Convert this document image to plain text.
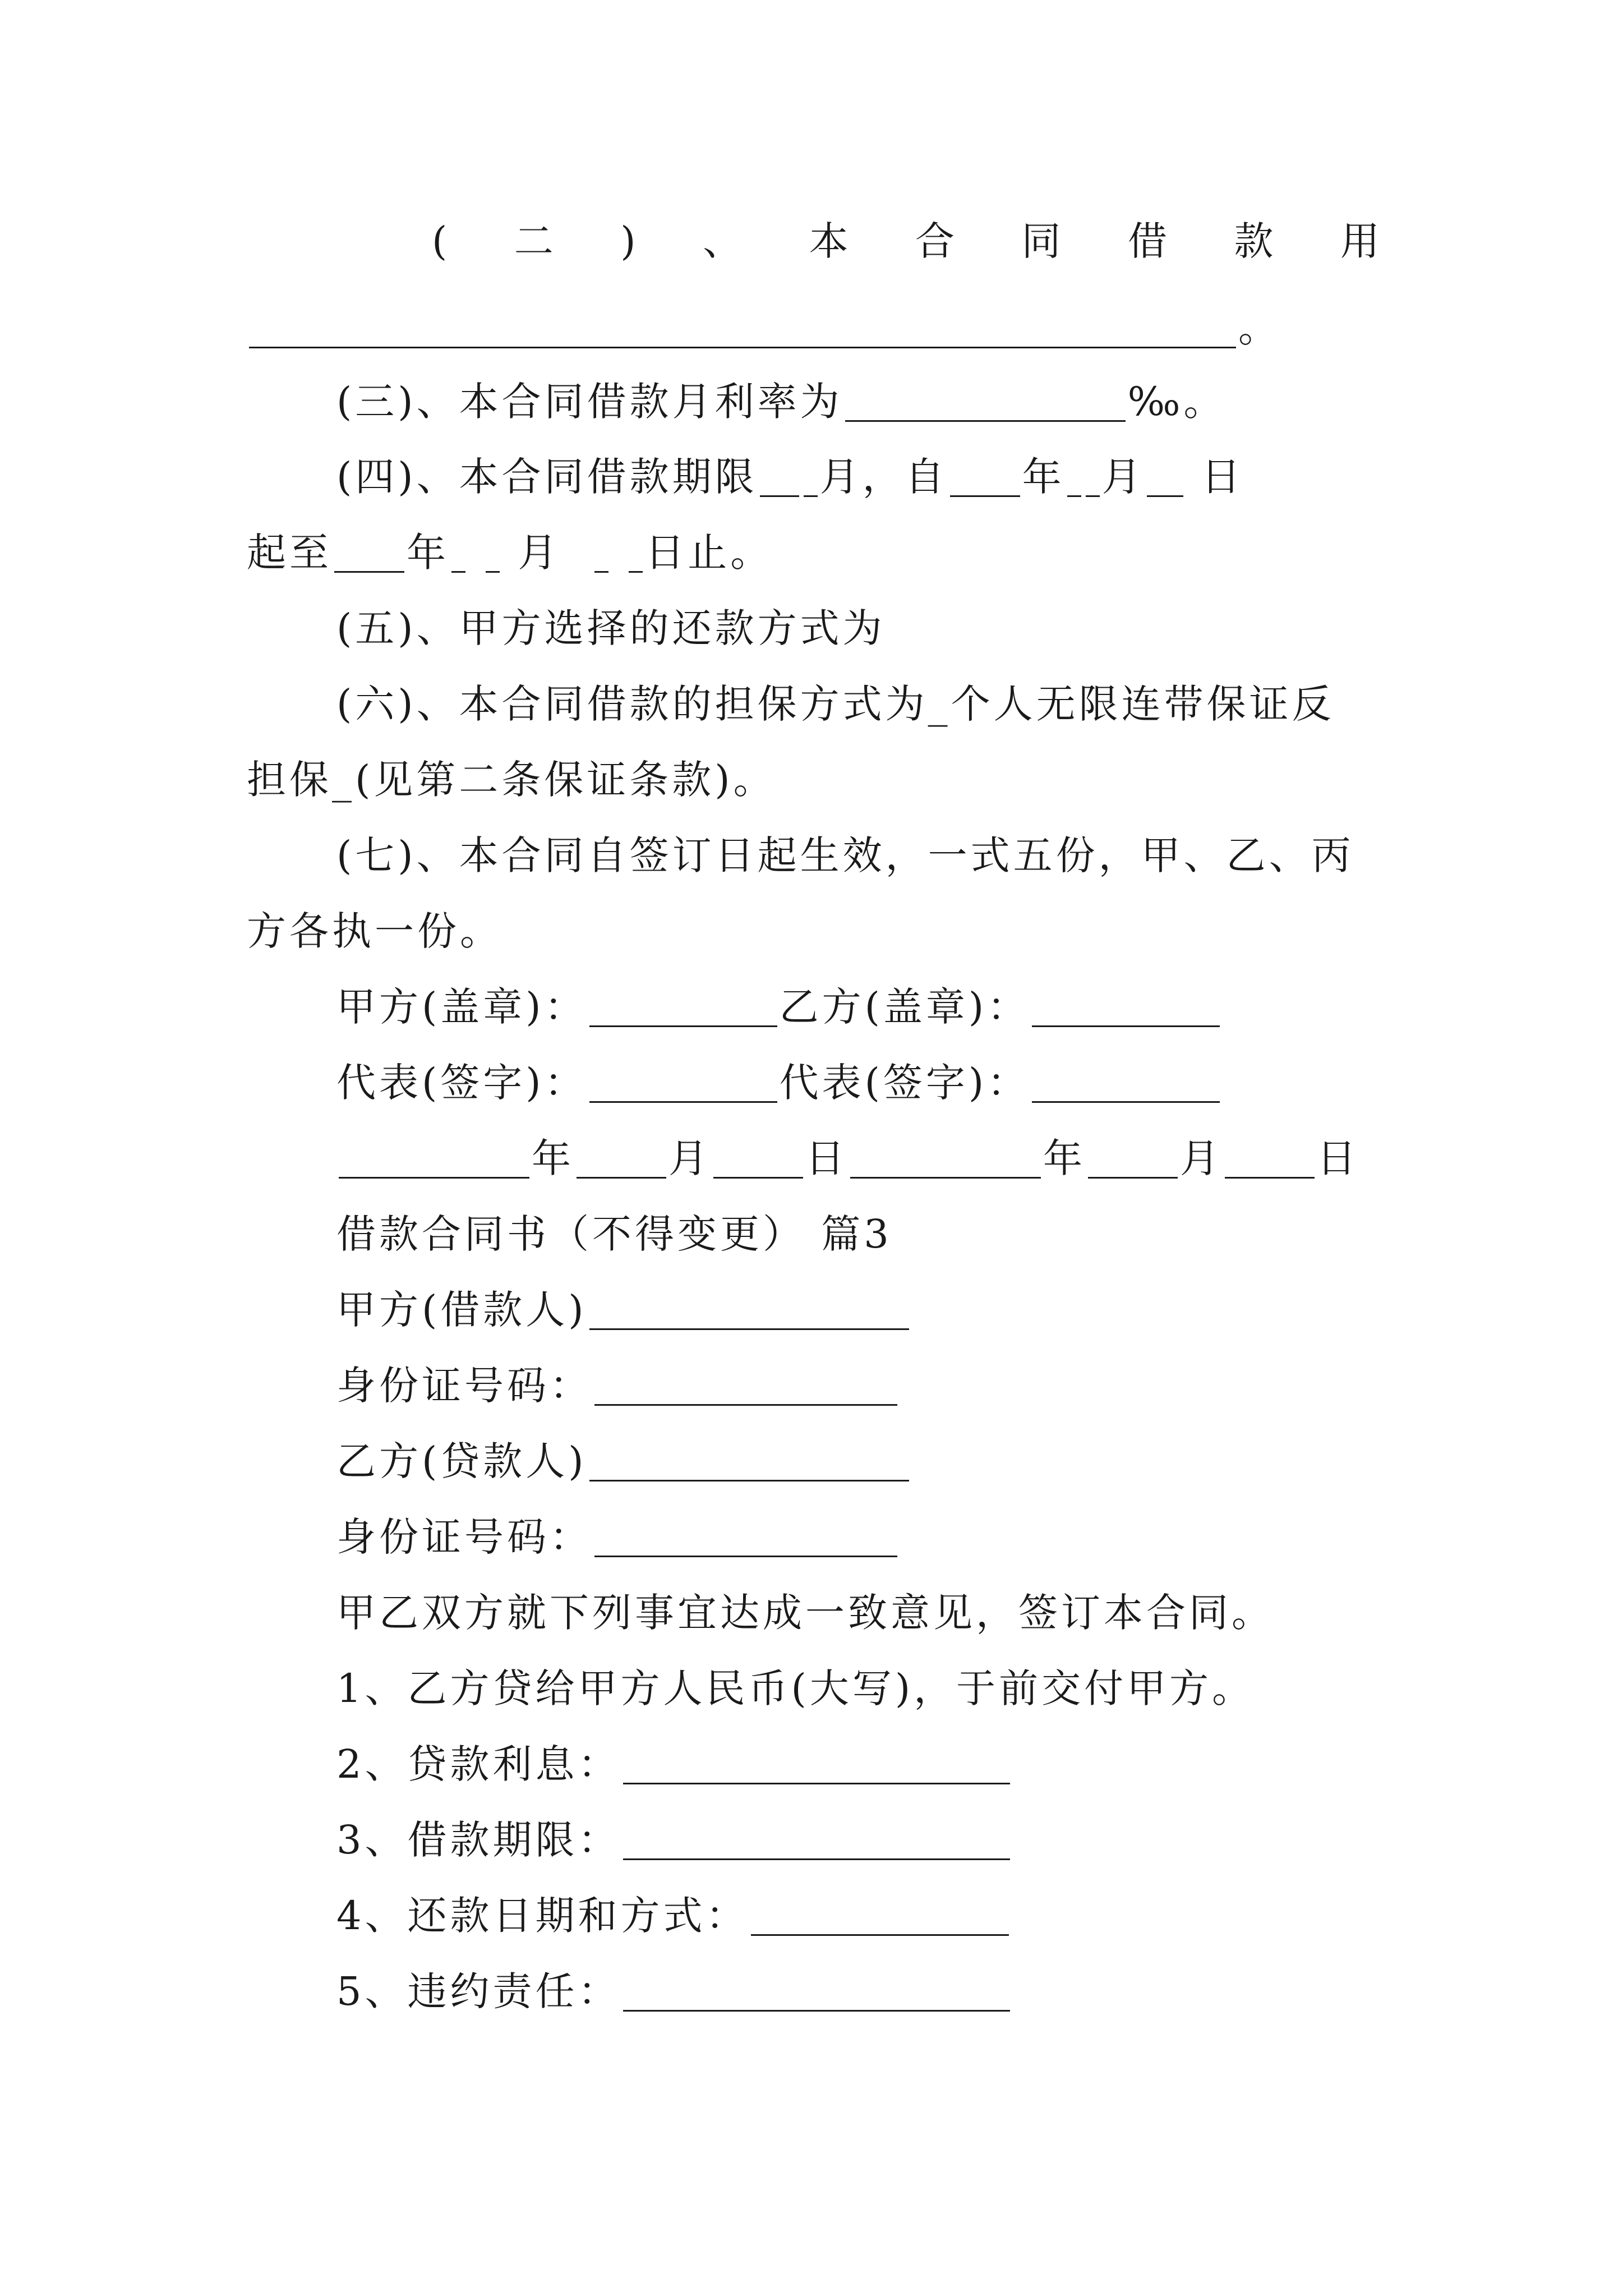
( 二 ) 、 本 合 同 借 款 用
。
(三)、本合同借款月利率为	‰。
(四)、本合同借款期限 月，自 年 月 日
起至 年 月 日止。
(五)、甲方选择的还款方式为
(六)、本合同借款的担保方式为_个人无限连带保证反
担保_(见第二条保证条款)。
(七)、本合同自签订日起生效，一式五份，甲、乙、丙
方各执一份。
甲方(盖章)：	乙方(盖章)：
代表(签字)：	代表(签字)：
年 月 日	年 月 日
借款合同书（不得变更） 篇3
甲方(借款人)
身份证号码：
乙方(贷款人)
身份证号码：
甲乙双方就下列事宜达成一致意见，签订本合同。
1、乙方贷给甲方人民币(大写)，于前交付甲方。
2、贷款利息：
3、借款期限：
4、还款日期和方式：
5、违约责任：
